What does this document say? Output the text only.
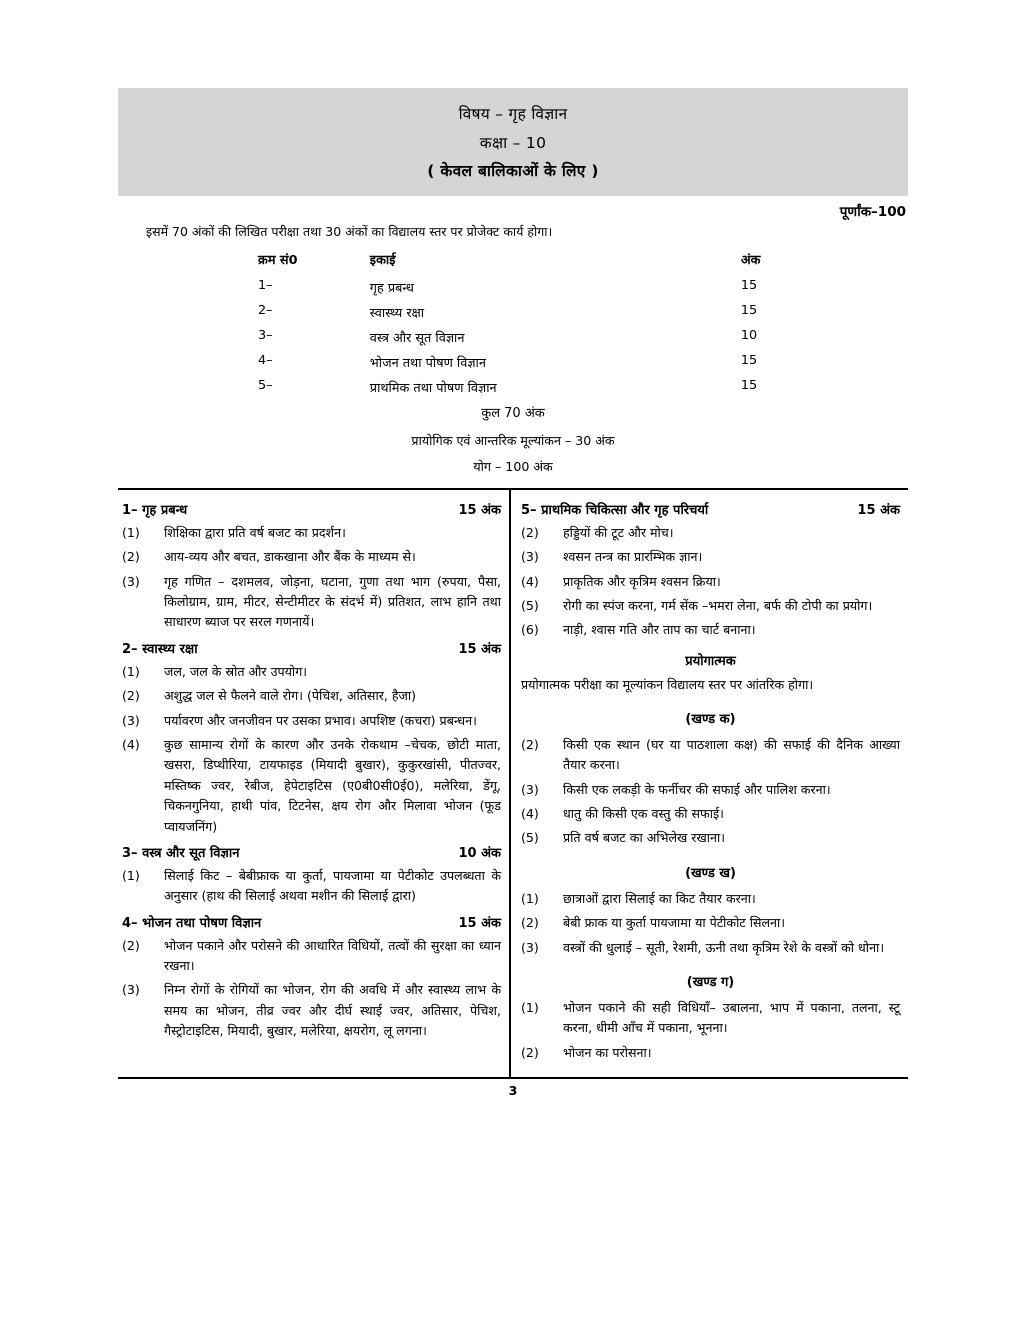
विषय – गृह विज्ञान
कक्षा – 10
( केवल बालिकाओं के लिए )
पूर्णांक–100
इसमें 70 अंकों की लिखित परीक्षा तथा 30 अंकों का विद्यालय स्तर पर प्रोजेक्ट कार्य होगा।
क्रम सं0	इकाई	अंक
1–	गृह प्रबन्ध	15
2–	स्वास्थ्य रक्षा	15
3–	वस्त्र और सूत विज्ञान	10
4–	भोजन तथा पोषण विज्ञान	15
5–	प्राथमिक तथा पोषण विज्ञान	15
कुल 70 अंक
प्रायोगिक एवं आन्तरिक मूल्यांकन – 30 अंक
योग – 100 अंक
1– गृह प्रबन्ध	15 अंक
(1)	शिक्षिका द्वारा प्रति वर्ष बजट का प्रदर्शन।
(2)	आय-व्यय और बचत, डाकखाना और बैंक के माध्यम से।
(3)	गृह गणित – दशमलव, जोड़ना, घटाना, गुणा तथा भाग (रुपया, पैसा, किलोग्राम, ग्राम, मीटर, सेन्टीमीटर के संदर्भ में) प्रतिशत, लाभ हानि तथा साधारण ब्याज पर सरल गणनायें।
2– स्वास्थ्य रक्षा	15 अंक
(1)	जल, जल के स्रोत और उपयोग।
(2)	अशुद्ध जल से फैलने वाले रोग। (पेचिश, अतिसार, हैजा)
(3)	पर्यावरण और जनजीवन पर उसका प्रभाव। अपशिष्ट (कचरा) प्रबन्धन।
(4)	कुछ सामान्य रोगों के कारण और उनके रोकथाम –चेचक, छोटी माता, खसरा, डिप्थीरिया, टायफाइड (मियादी बुखार), कुकुरखांसी, पीतज्वर, मस्तिष्क ज्वर, रेबीज, हेपेटाइटिस (ए0बी0सी0ई0), मलेरिया, डेंगू, चिकनगुनिया, हाथी पांव, टिटनेस, क्षय रोग और मिलावा भोजन (फूड प्वायजनिंग)
3– वस्त्र और सूत विज्ञान	10 अंक
(1)	सिलाई किट – बेबीफ्राक या कुर्ता, पायजामा या पेटीकोट उपलब्धता के अनुसार (हाथ की सिलाई अथवा मशीन की सिलाई द्वारा)
4– भोजन तथा पोषण विज्ञान	15 अंक
(2)	भोजन पकाने और परोसने की आधारित विधियों, तत्वों की सुरक्षा का ध्यान रखना।
(3)	निम्न रोगों के रोगियों का भोजन, रोग की अवधि में और स्वास्थ्य लाभ के समय का भोजन, तीव्र ज्वर और दीर्घ स्थाई ज्वर, अतिसार, पेचिश, गैस्ट्रोटाइटिस, मियादी, बुखार, मलेरिया, क्षयरोग, लू लगना।
5– प्राथमिक चिकित्सा और गृह परिचर्या	15 अंक
(2)	हड्डियों की टूट और मोच।
(3)	श्वसन तन्त्र का प्रारम्भिक ज्ञान।
(4)	प्राकृतिक और कृत्रिम श्वसन क्रिया।
(5)	रोगी का स्पंज करना, गर्म सेंक –भमरा लेना, बर्फ की टोपी का प्रयोग।
(6)	नाड़ी, श्वास गति और ताप का चार्ट बनाना।
प्रयोगात्मक
प्रयोगात्मक परीक्षा का मूल्यांकन विद्यालय स्तर पर आंतरिक होगा।
(खण्ड क)
(2)	किसी एक स्थान (घर या पाठशाला कक्ष) की सफाई की दैनिक आख्या तैयार करना।
(3)	किसी एक लकड़ी के फर्नीचर की सफाई और पालिश करना।
(4)	धातु की किसी एक वस्तु की सफाई।
(5)	प्रति वर्ष बजट का अभिलेख रखाना।
(खण्ड ख)
(1)	छात्राओं द्वारा सिलाई का किट तैयार करना।
(2)	बेबी फ्राक या कुर्ता पायजामा या पेटीकोट सिलना।
(3)	वस्त्रों की धुलाई – सूती, रेशमी, ऊनी तथा कृत्रिम रेशे के वस्त्रों को धोना।
(खण्ड ग)
(1)	भोजन पकाने की सही विधियाँ– उबालना, भाप में पकाना, तलना, स्टू करना, धीमी आँच में पकाना, भूनना।
(2)	भोजन का परोसना।
3
